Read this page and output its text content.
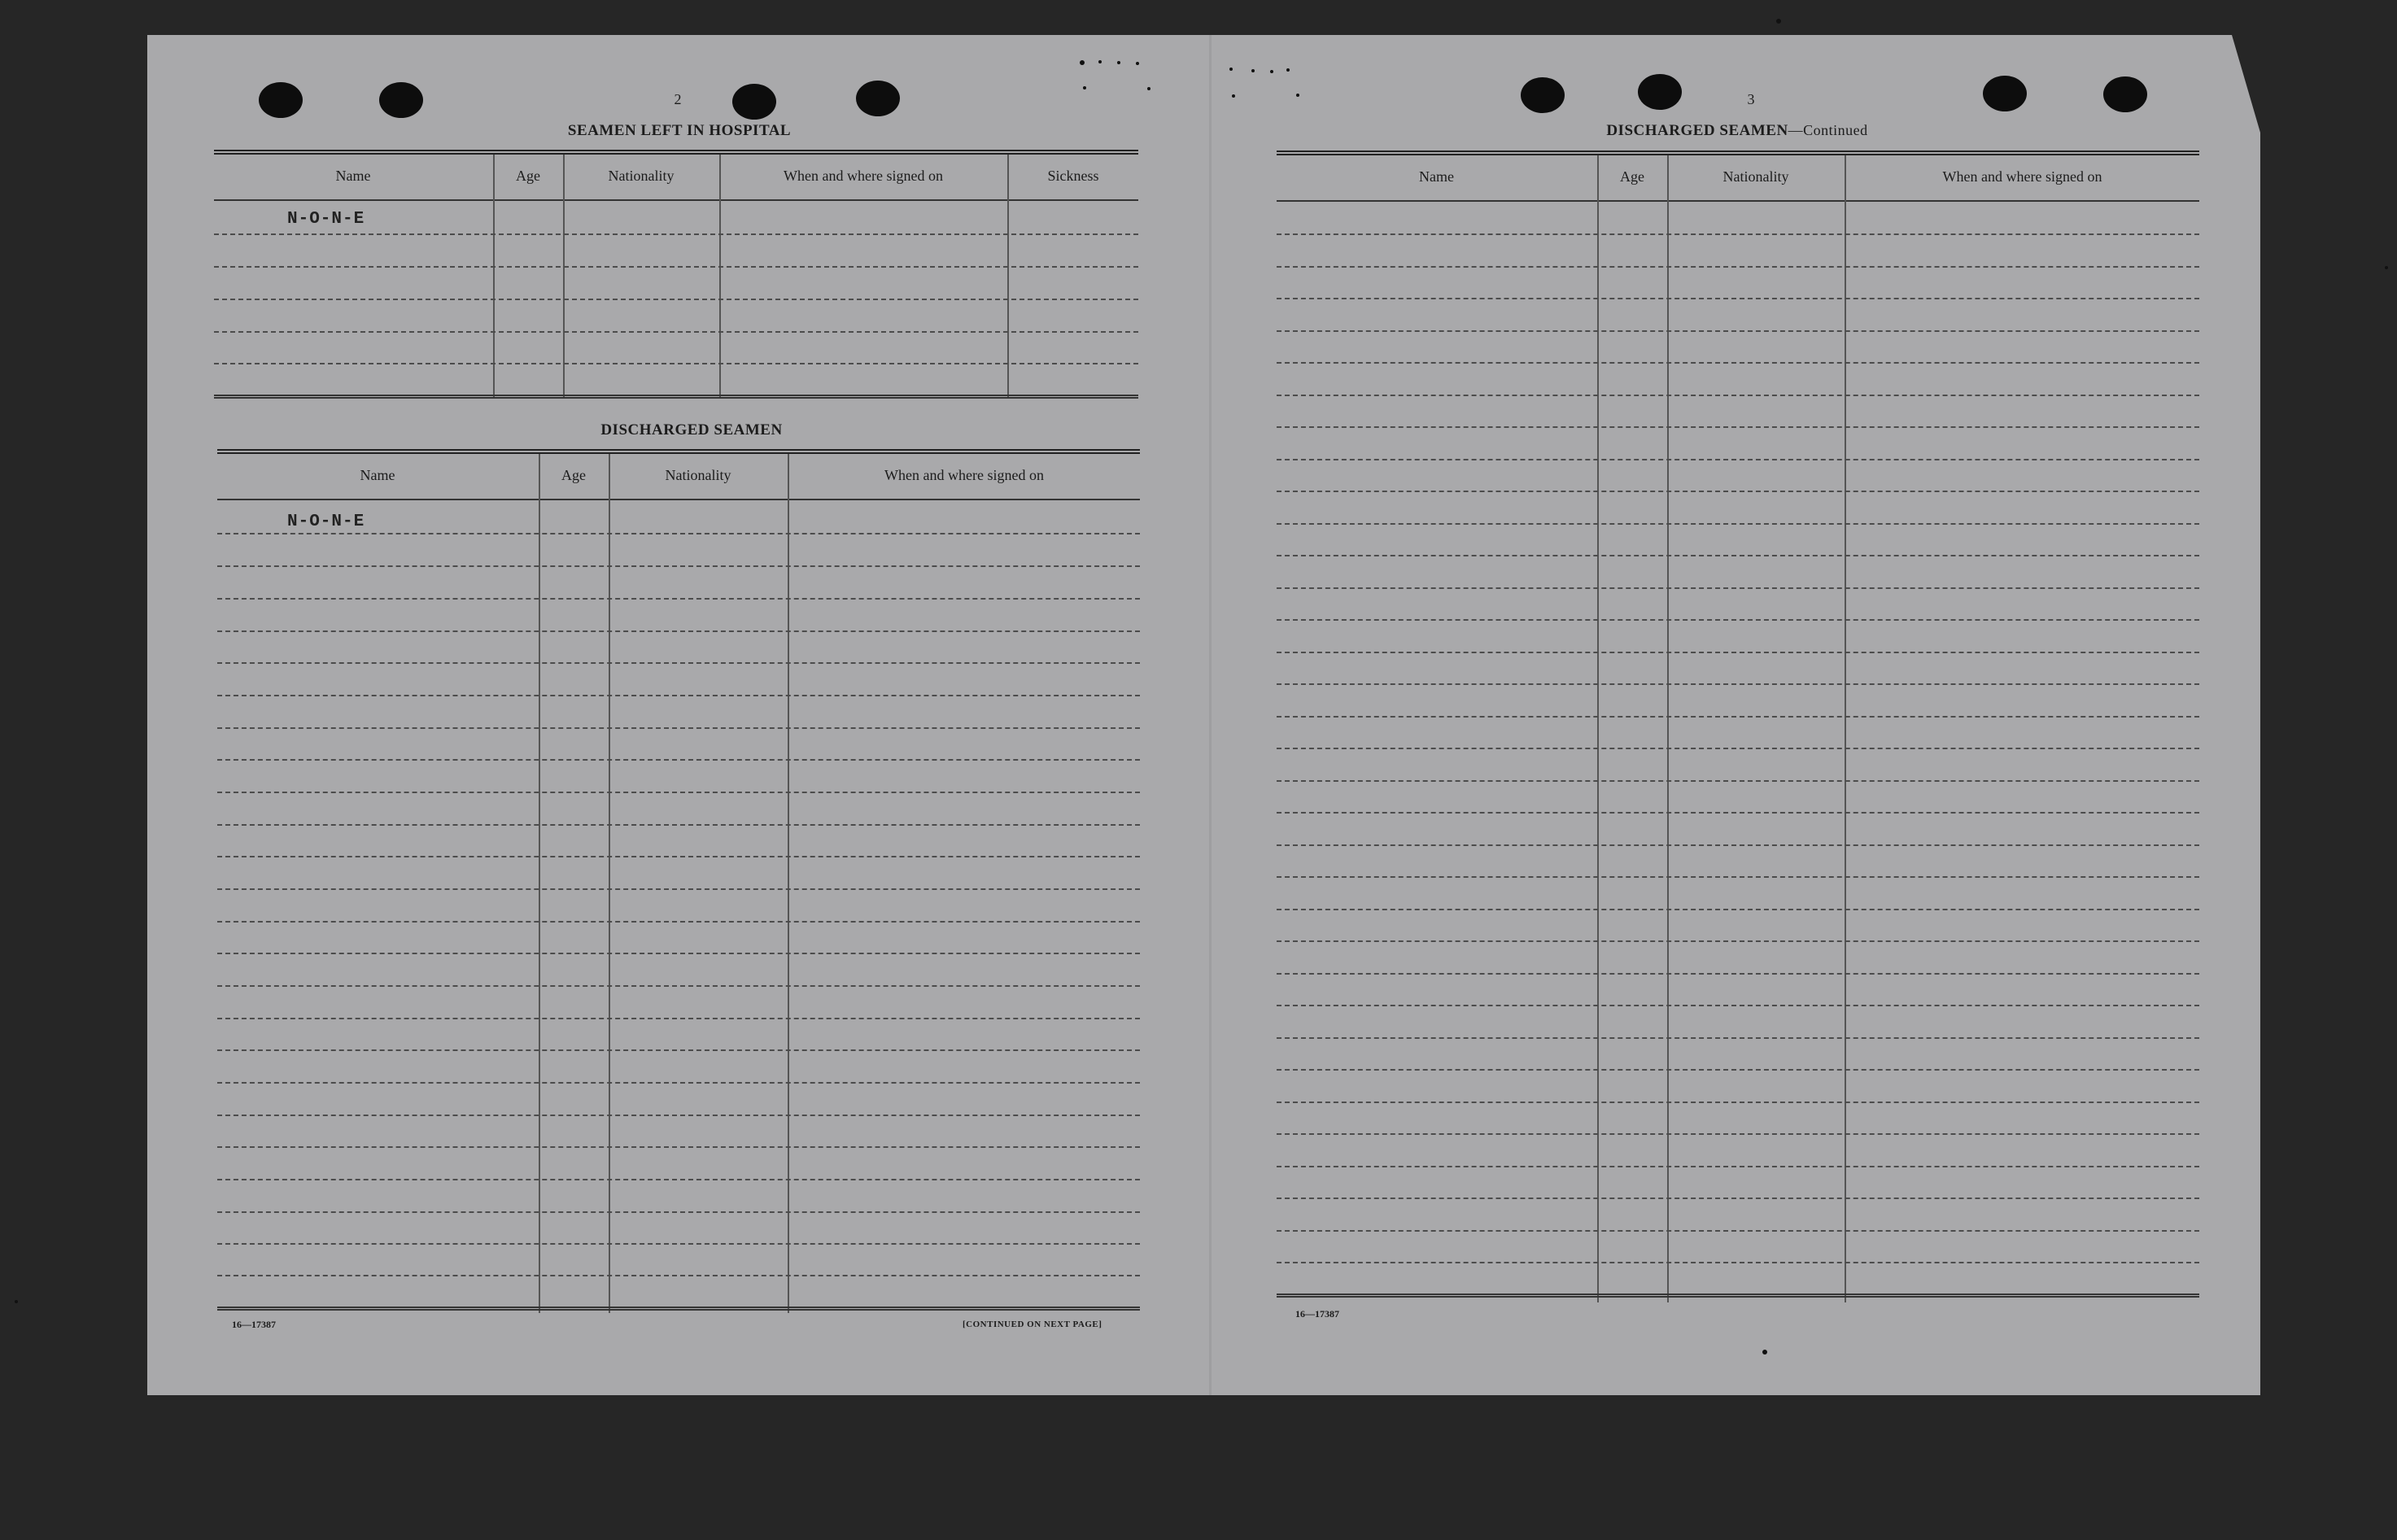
2
SEAMEN LEFT IN HOSPITAL
Name	Age	Nationality	When and where signed on	Sickness
N-O-N-E
DISCHARGED SEAMEN
Name	Age	Nationality	When and where signed on
N-O-N-E
16—17387	[CONTINUED ON NEXT PAGE]
3
DISCHARGED SEAMEN—Continued
Name	Age	Nationality	When and where signed on
16—17387
